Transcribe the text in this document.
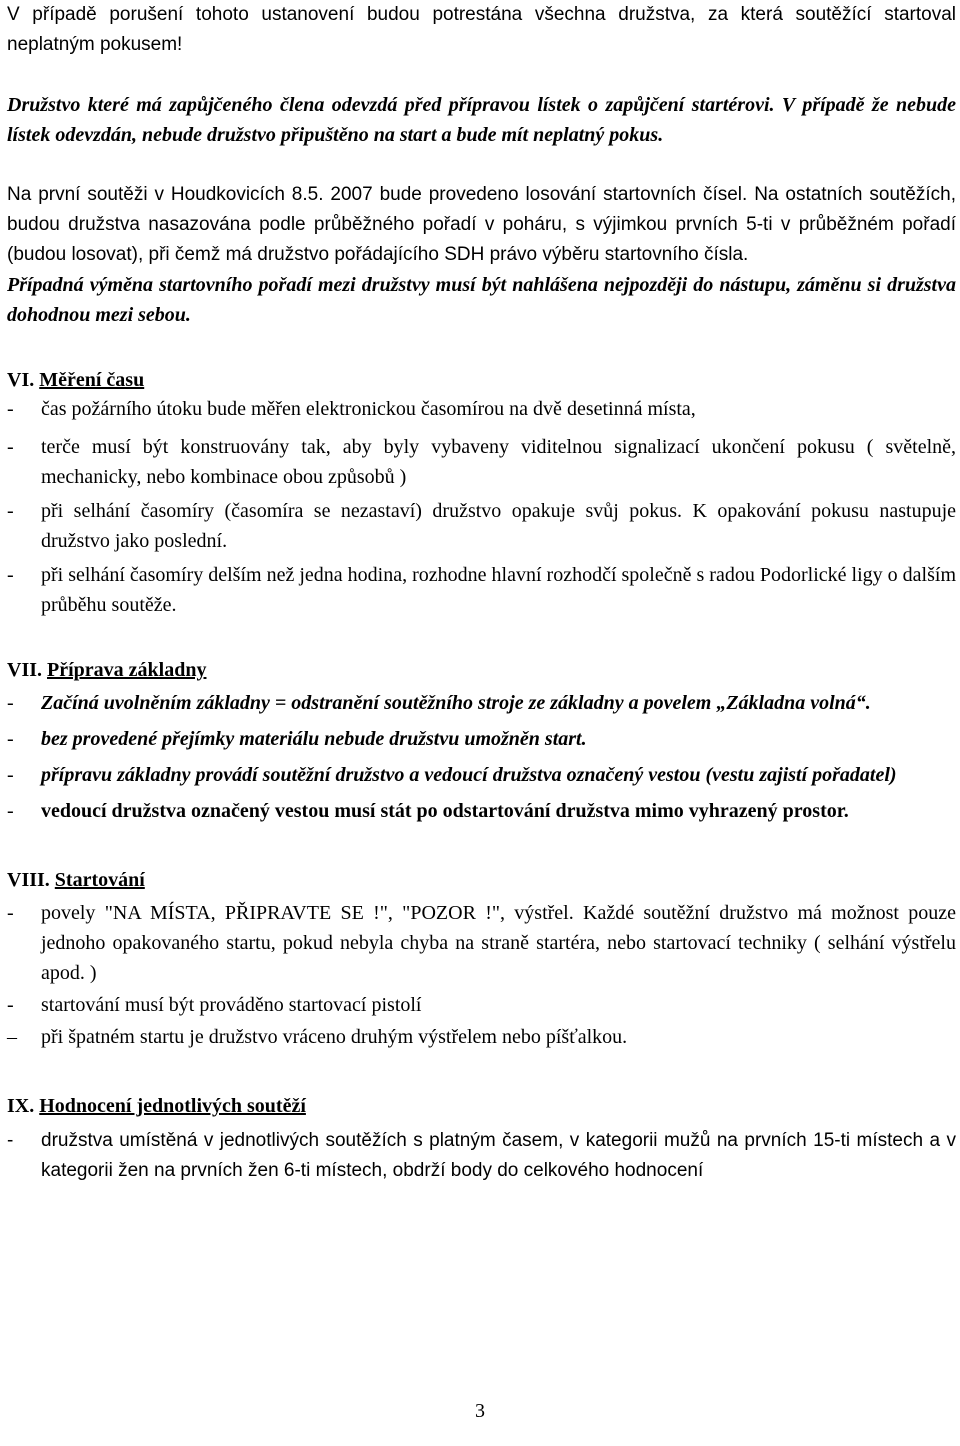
V případě porušení tohoto ustanovení budou potrestána všechna družstva, za která soutěžící startoval neplatným pokusem!

Družstvo které má zapůjčeného člena odevzdá před přípravou lístek o zapůjčení startérovi. V případě že nebude lístek odevzdán, nebude družstvo připuštěno na start a bude mít neplatný pokus.

Na první soutěži v Houdkovicích 8.5. 2007 bude provedeno losování startovních čísel. Na ostatních soutěžích, budou družstva nasazována podle průběžného pořadí v poháru, s výjimkou prvních 5-ti v průběžném pořadí (budou losovat), při čemž má družstvo pořádajícího SDH právo výběru startovního čísla.

Případná výměna startovního pořadí mezi družstvy musí být nahlášena nejpozději do nástupu, záměnu si družstva dohodnou mezi sebou.

VI. Měření času
- čas požárního útoku bude měřen elektronickou časomírou na dvě desetinná místa,
- terče musí být konstruovány tak, aby byly vybaveny viditelnou signalizací ukončení pokusu ( světelně, mechanicky, nebo kombinace obou způsobů )
- při selhání časomíry (časomíra se nezastaví) družstvo opakuje svůj pokus. K opakování pokusu nastupuje družstvo jako poslední.
- při selhání časomíry delším než jedna hodina, rozhodne hlavní rozhodčí společně s radou Podorlické ligy o dalším průběhu soutěže.
VII. Příprava základny
- Začíná uvolněním základny = odstranění soutěžního stroje ze základny a povelem „Základna volná“.
- bez provedené přejímky materiálu nebude družstvu umožněn start.
- přípravu základny provádí soutěžní družstvo a vedoucí družstva označený vestou (vestu zajistí pořadatel)
- vedoucí družstva označený vestou musí stát po odstartování družstva mimo vyhrazený prostor.
VIII. Startování
- povely "NA MÍSTA, PŘIPRAVTE SE !", "POZOR !", výstřel. Každé soutěžní družstvo má možnost pouze jednoho opakovaného startu, pokud nebyla chyba na straně startéra, nebo startovací techniky ( selhání výstřelu apod. )
- startování musí být prováděno startovací pistolí
– při špatném startu je družstvo vráceno druhým výstřelem nebo píšťalkou.
IX. Hodnocení jednotlivých soutěží
- družstva umístěná v jednotlivých soutěžích s platným časem, v kategorii mužů na prvních 15-ti místech a v kategorii žen na prvních žen 6-ti místech, obdrží body do celkového hodnocení
3
